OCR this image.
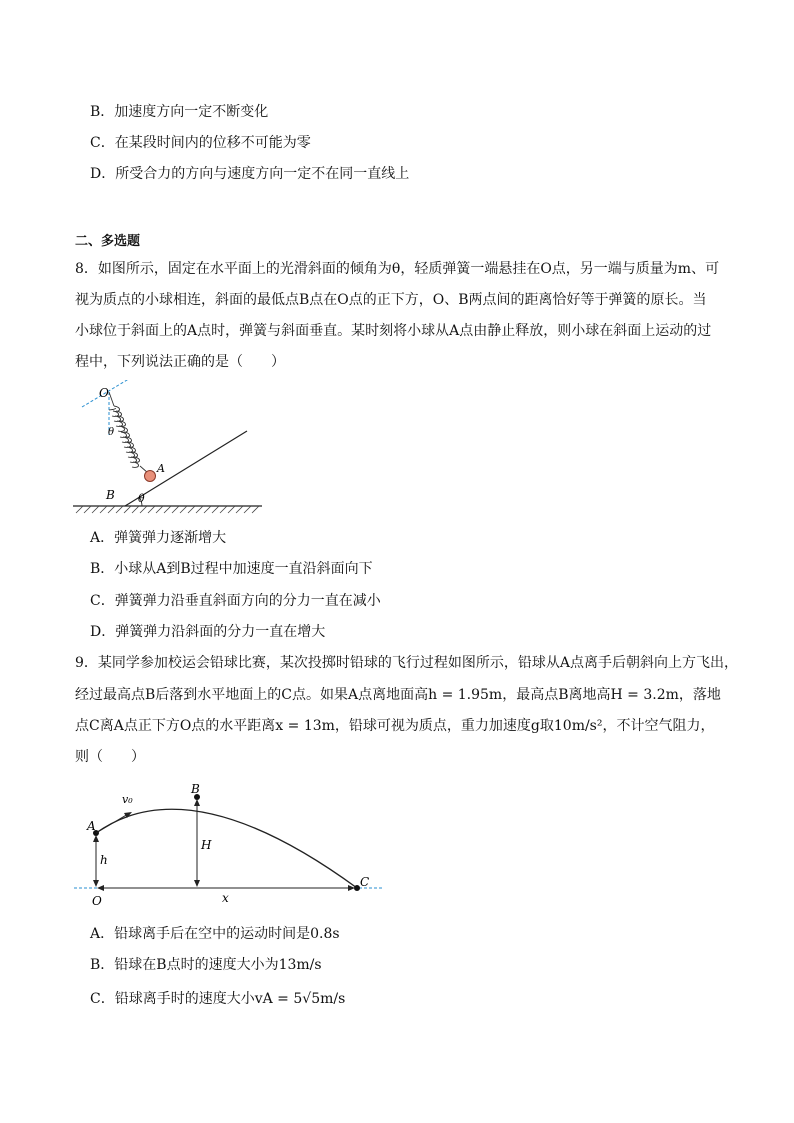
B．加速度方向一定不断变化
C．在某段时间内的位移不可能为零
D．所受合力的方向与速度方向一定不在同一直线上
二、多选题
8．如图所示，固定在水平面上的光滑斜面的倾角为θ，轻质弹簧一端悬挂在O点，另一端与质量为m、可
视为质点的小球相连，斜面的最低点B点在O点的正下方，O、B两点间的距离恰好等于弹簧的原长。当
小球位于斜面上的A点时，弹簧与斜面垂直。某时刻将小球从A点由静止释放，则小球在斜面上运动的过
程中，下列说法正确的是（　　）
O
θ
A
B θ
A．弹簧弹力逐渐增大
B．小球从A到B过程中加速度一直沿斜面向下
C．弹簧弹力沿垂直斜面方向的分力一直在减小
D．弹簧弹力沿斜面的分力一直在增大
9．某同学参加校运会铅球比赛，某次投掷时铅球的飞行过程如图所示，铅球从A点离手后朝斜向上方飞出，
经过最高点B后落到水平地面上的C点。如果A点离地面高h = 1.95m，最高点B离地高H = 3.2m，落地
点C离A点正下方O点的水平距离x = 13m，铅球可视为质点，重力加速度g取10m/s²，不计空气阻力，
则（　　）
v₀
A
B
h
H
C
O	x
A．铅球离手后在空中的运动时间是0.8s
B．铅球在B点时的速度大小为13m/s
C．铅球离手时的速度大小vA = 5√5m/s
